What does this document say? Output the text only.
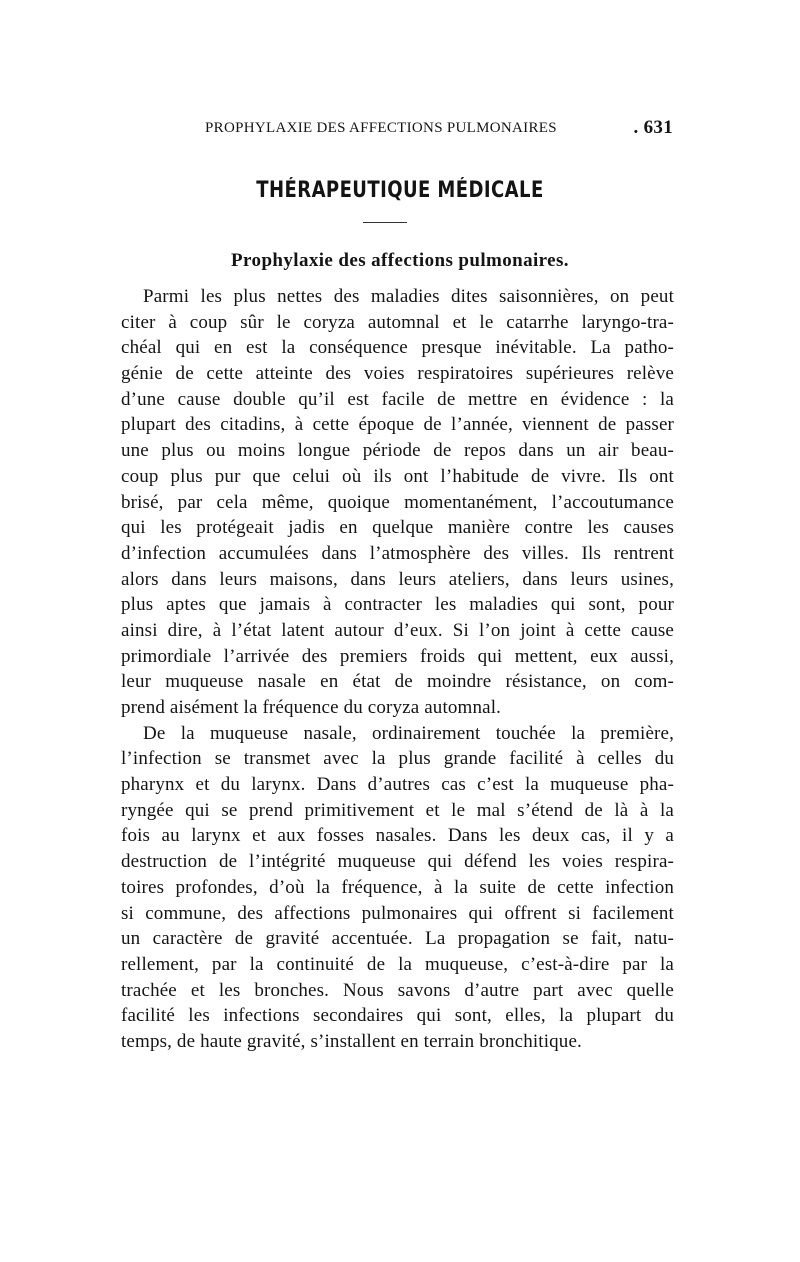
PROPHYLAXIE DES AFFECTIONS PULMONAIRES	. 631
THÉRAPEUTIQUE MÉDICALE
Prophylaxie des affections pulmonaires.
Parmi les plus nettes des maladies dites saisonnières, on peut
citer à coup sûr le coryza automnal et le catarrhe laryngo-tra-
chéal qui en est la conséquence presque inévitable. La patho-
génie de cette atteinte des voies respiratoires supérieures relève
d’une cause double qu’il est facile de mettre en évidence : la
plupart des citadins, à cette époque de l’année, viennent de passer
une plus ou moins longue période de repos dans un air beau-
coup plus pur que celui où ils ont l’habitude de vivre. Ils ont
brisé, par cela même, quoique momentanément, l’accoutumance
qui les protégeait jadis en quelque manière contre les causes
d’infection accumulées dans l’atmosphère des villes. Ils rentrent
alors dans leurs maisons, dans leurs ateliers, dans leurs usines,
plus aptes que jamais à contracter les maladies qui sont, pour
ainsi dire, à l’état latent autour d’eux. Si l’on joint à cette cause
primordiale l’arrivée des premiers froids qui mettent, eux aussi,
leur muqueuse nasale en état de moindre résistance, on com-
prend aisément la fréquence du coryza automnal.
De la muqueuse nasale, ordinairement touchée la première,
l’infection se transmet avec la plus grande facilité à celles du
pharynx et du larynx. Dans d’autres cas c’est la muqueuse pha-
ryngée qui se prend primitivement et le mal s’étend de là à la
fois au larynx et aux fosses nasales. Dans les deux cas, il y a
destruction de l’intégrité muqueuse qui défend les voies respira-
toires profondes, d’où la fréquence, à la suite de cette infection
si commune, des affections pulmonaires qui offrent si facilement
un caractère de gravité accentuée. La propagation se fait, natu-
rellement, par la continuité de la muqueuse, c’est-à-dire par la
trachée et les bronches. Nous savons d’autre part avec quelle
facilité les infections secondaires qui sont, elles, la plupart du
temps, de haute gravité, s’installent en terrain bronchitique.
